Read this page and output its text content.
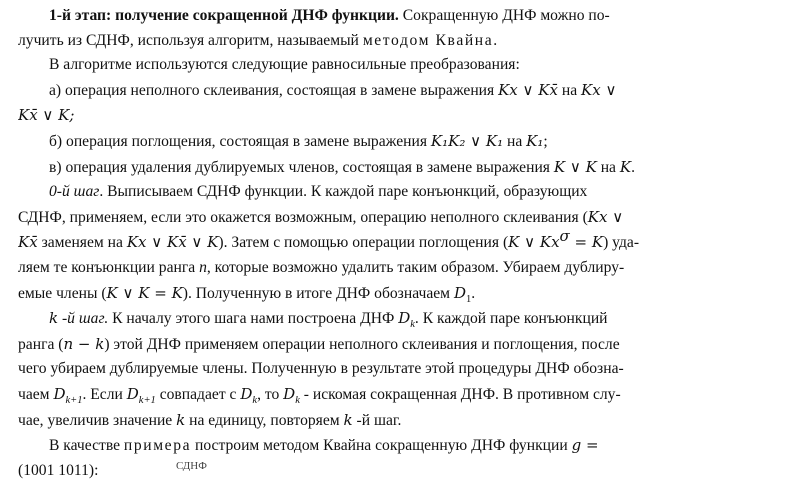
1-й этап: получение сокращенной ДНФ функции. Сокращенную ДНФ можно по-
лучить из СДНФ, используя алгоритм, называемый методом Квайна.
В алгоритме используются следующие равносильные преобразования:
а) операция неполного склеивания, состоящая в замене выражения Kx ∨ Kx̄ на Kx ∨
Kx̄ ∨ K;
б) операция поглощения, состоящая в замене выражения K₁K₂ ∨ K₁ на K₁;
в) операция удаления дублируемых членов, состоящая в замене выражения K ∨ K на K.
0-й шаг. Выписываем СДНФ функции. К каждой паре конъюнкций, образующих
СДНФ, применяем, если это окажется возможным, операцию неполного склеивания (Kx ∨
Kx̄ заменяем на Kx ∨ Kx̄ ∨ K). Затем с помощью операции поглощения (K ∨ $Kx^\sigma = K$) уда-
ляем те конъюнкции ранга n, которые возможно удалить таким образом. Убираем дублиру-
емые члены (K ∨ K = K). Полученную в итоге ДНФ обозначаем $D_1$.
k -й шаг. К началу этого шага нами построена ДНФ $D_k$. К каждой паре конъюнкций
ранга (n − k) этой ДНФ применяем операции неполного склеивания и поглощения, после
чего убираем дублируемые члены. Полученную в результате этой процедуры ДНФ обозна-
чаем $D_{k+1}$. Если $D_{k+1}$ совпадает с $D_k$, то $D_k$ - искомая сокращенная ДНФ. В противном слу-
чае, увеличив значение k на единицу, повторяем k -й шаг.
В качестве примера построим методом Квайна сокращенную ДНФ функции g =
(1001 1011):	СДНФ
